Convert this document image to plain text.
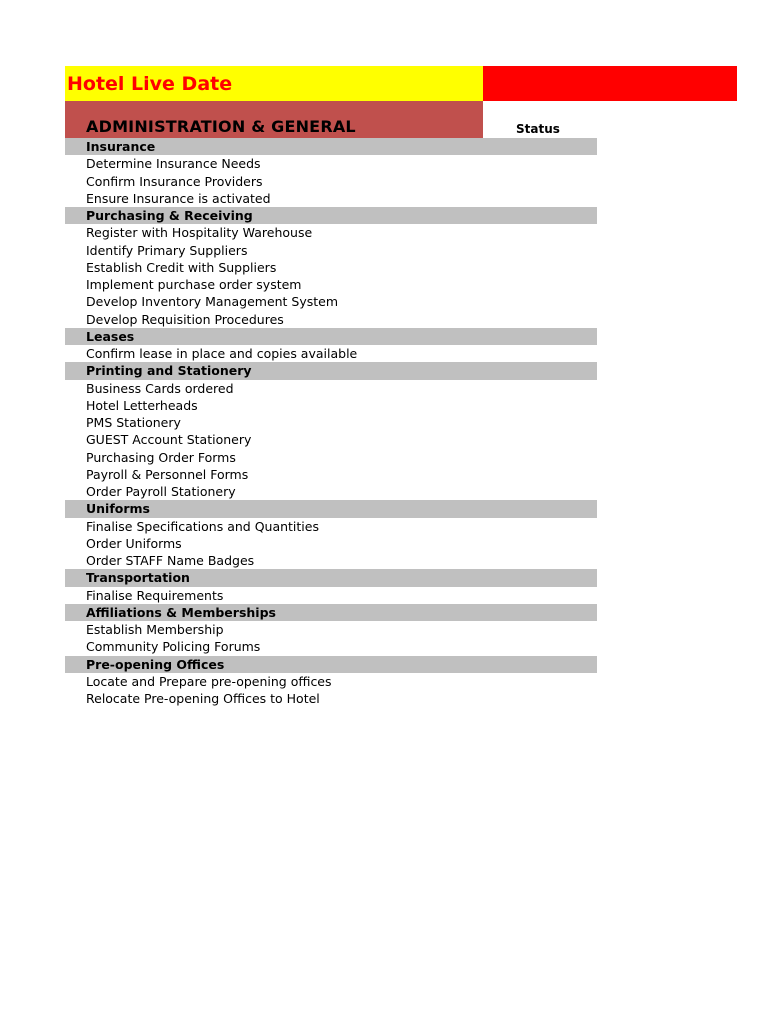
Hotel Live Date
ADMINISTRATION & GENERAL	Status
Insurance
Determine Insurance Needs
Confirm Insurance Providers
Ensure Insurance is activated
Purchasing & Receiving
Register with Hospitality Warehouse
Identify Primary Suppliers
Establish Credit with Suppliers
Implement purchase order system
Develop Inventory Management System
Develop Requisition Procedures
Leases
Confirm lease in place and copies available
Printing and Stationery
Business Cards ordered
Hotel Letterheads
PMS Stationery
GUEST Account Stationery
Purchasing Order Forms
Payroll & Personnel Forms
Order Payroll Stationery
Uniforms
Finalise Specifications and Quantities
Order Uniforms
Order STAFF Name Badges
Transportation
Finalise Requirements
Affiliations & Memberships
Establish Membership
Community Policing Forums
Pre-opening Offices
Locate and Prepare pre-opening offices
Relocate Pre-opening Offices to Hotel
